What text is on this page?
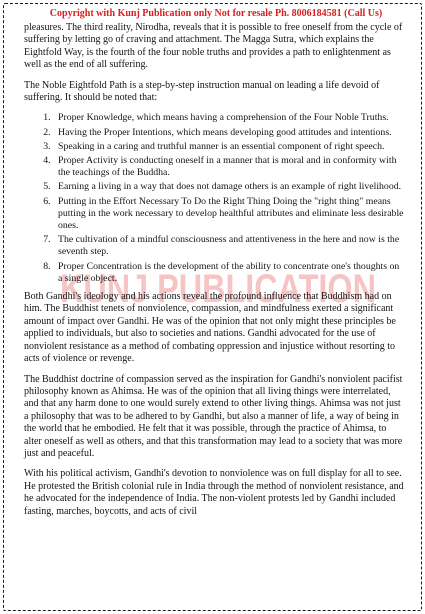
KUNJ PUBLICATION
Copyright with Kunj Publication only Not for resale Ph. 8006184581 (Call Us)

pleasures. The third reality, Nirodha, reveals that it is possible to free oneself from the cycle of suffering by letting go of craving and attachment. The Magga Sutra, which explains the Eightfold Way, is the fourth of the four noble truths and provides a path to enlightenment as well as the end of all suffering.

The Noble Eightfold Path is a step-by-step instruction manual on leading a life devoid of suffering. It should be noted that:

1. Proper Knowledge, which means having a comprehension of the Four Noble Truths.
2. Having the Proper Intentions, which means developing good attitudes and intentions.
3. Speaking in a caring and truthful manner is an essential component of right speech.
4. Proper Activity is conducting oneself in a manner that is moral and in conformity with the teachings of the Buddha.
5. Earning a living in a way that does not damage others is an example of right livelihood.
6. Putting in the Effort Necessary To Do the Right Thing Doing the "right thing" means putting in the work necessary to develop healthful attributes and eliminate less desirable ones.
7. The cultivation of a mindful consciousness and attentiveness in the here and now is the seventh step.
8. Proper Concentration is the development of the ability to concentrate one's thoughts on a single object.

Both Gandhi's ideology and his actions reveal the profound influence that Buddhism had on him. The Buddhist tenets of nonviolence, compassion, and mindfulness exerted a significant amount of impact over Gandhi. He was of the opinion that not only might these principles be applied to individuals, but also to societies and nations. Gandhi advocated for the use of nonviolent resistance as a method of combating oppression and injustice without resorting to acts of violence or revenge.

The Buddhist doctrine of compassion served as the inspiration for Gandhi's nonviolent pacifist philosophy known as Ahimsa. He was of the opinion that all living things were interrelated, and that any harm done to one would surely extend to other living things. Ahimsa was not just a philosophy that was to be adhered to by Gandhi, but also a manner of life, a way of being in the world that he embodied. He felt that it was possible, through the practice of Ahimsa, to alter oneself as well as others, and that this transformation may lead to a society that was more just and peaceful.

With his political activism, Gandhi's devotion to nonviolence was on full display for all to see. He protested the British colonial rule in India through the method of nonviolent resistance, and he advocated for the independence of India. The non-violent protests led by Gandhi included fasting, marches, boycotts, and acts of civil
